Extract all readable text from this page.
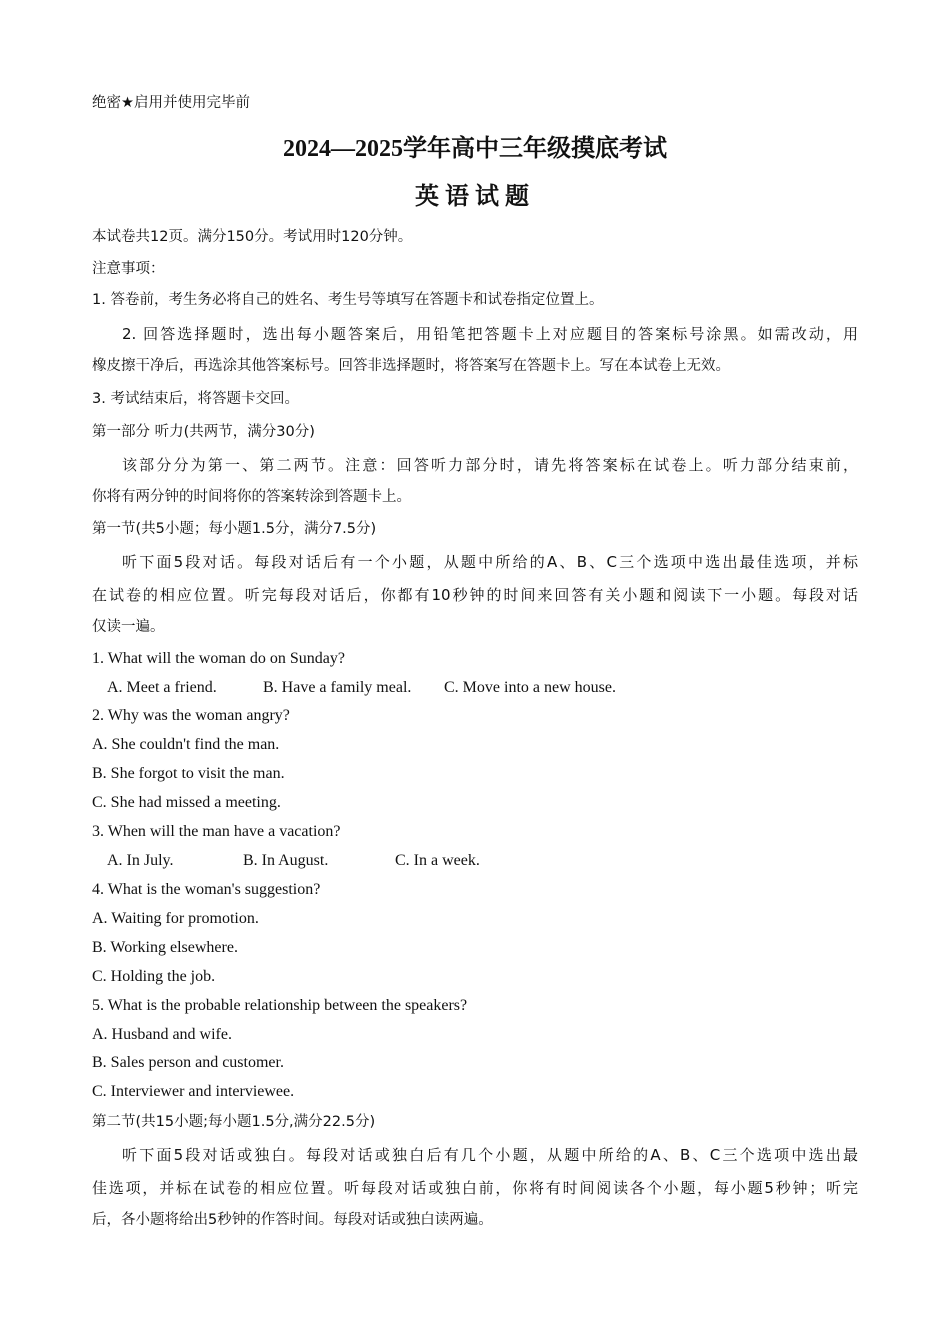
绝密★启用并使用完毕前
2024—2025学年高中三年级摸底考试
英语试题
本试卷共12页。满分150分。考试用时120分钟。
注意事项：
1. 答卷前，考生务必将自己的姓名、考生号等填写在答题卡和试卷指定位置上。
2. 回答选择题时，选出每小题答案后，用铅笔把答题卡上对应题目的答案标号涂黑。如需改动，用
橡皮擦干净后，再选涂其他答案标号。回答非选择题时，将答案写在答题卡上。写在本试卷上无效。
3. 考试结束后，将答题卡交回。
第一部分 听力(共两节，满分30分)
该部分分为第一、第二两节。注意：回答听力部分时，请先将答案标在试卷上。听力部分结束前，
你将有两分钟的时间将你的答案转涂到答题卡上。
第一节(共5小题；每小题1.5分，满分7.5分)
听下面5段对话。每段对话后有一个小题，从题中所给的A、B、C三个选项中选出最佳选项，并标
在试卷的相应位置。听完每段对话后，你都有10秒钟的时间来回答有关小题和阅读下一小题。每段对话
仅读一遍。
1. What will the woman do on Sunday?
A. Meet a friend.	B. Have a family meal. C. Move into a new house.
2. Why was the woman angry?
A. She couldn't find the man.
B. She forgot to visit the man.
C. She had missed a meeting.
3. When will the man have a vacation?
A. In July.	B. In August.	C. In a week.
4. What is the woman's suggestion?
A. Waiting for promotion.
B. Working elsewhere.
C. Holding the job.
5. What is the probable relationship between the speakers?
A. Husband and wife.
B. Sales person and customer.
C. Interviewer and interviewee.
第二节(共15小题;每小题1.5分,满分22.5分)
听下面5段对话或独白。每段对话或独白后有几个小题，从题中所给的A、B、C三个选项中选出最
佳选项，并标在试卷的相应位置。听每段对话或独白前，你将有时间阅读各个小题，每小题5秒钟；听完
后，各小题将给出5秒钟的作答时间。每段对话或独白读两遍。
